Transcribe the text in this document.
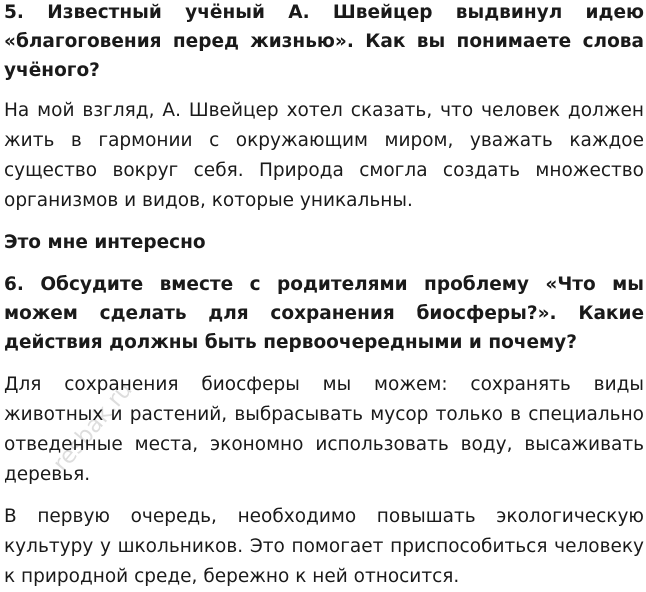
5. Известный учёный А. Швейцер выдвинул идею «благоговения перед жизнью». Как вы понимаете слова учёного?

На мой взгляд, А. Швейцер хотел сказать, что человек должен жить в гармонии с окружающим миром, уважать каждое существо вокруг себя. Природа смогла создать множество организмов и видов, которые уникальны.

Это мне интересно

6. Обсудите вместе с родителями проблему «Что мы можем сделать для сохранения биосферы?». Какие действия должны быть первоочередными и почему?

Для сохранения биосферы мы можем: сохранять виды животных и растений, выбрасывать мусор только в специально отведенные места, экономно использовать воду, высаживать деревья.

В первую очередь, необходимо повышать экологическую культуру у школьников. Это помогает приспособиться человеку к природной среде, бережно к ней относится.

resbak.ru
